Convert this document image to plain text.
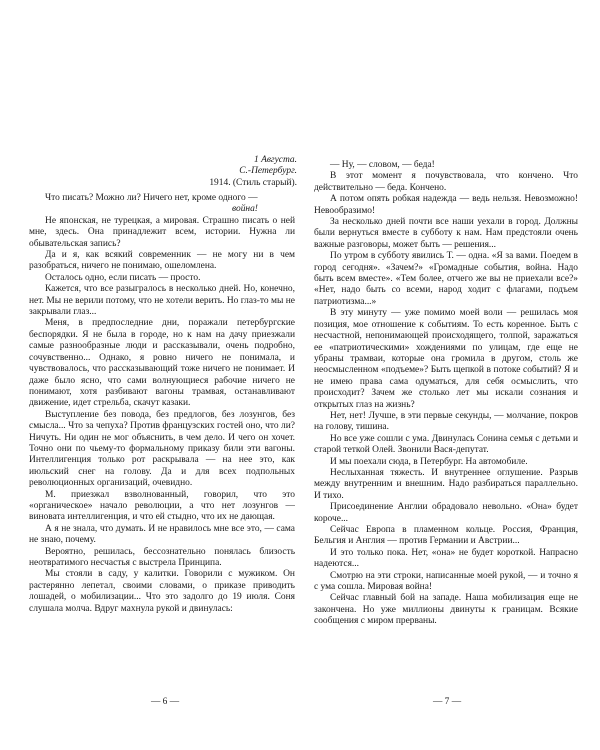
1 Августа.
С.-Петербург.
1914. (Стиль старый).

Что писать? Можно ли? Ничего нет, кроме одного —
война!

Не японская, не турецкая, а мировая. Страшно писать о ней мне, здесь. Она принадлежит всем, истории. Нужна ли обывательская запись?

Да и я, как всякий современник — не могу ни в чем разобраться, ничего не понимаю, ошеломлена.

Осталось одно, если писать — просто.

Кажется, что все разыгралось в несколько дней. Но, конечно, нет. Мы не верили потому, что не хотели верить. Но глаз-то мы не закрывали глаз...

Меня, в предпоследние дни, поражали петербургские беспорядки. Я не была в городе, но к нам на дачу приезжали самые разнообразные люди и рассказывали, очень подробно, сочувственно... Однако, я ровно ничего не понимала, и чувствовалось, что рассказывающий тоже ничего не понимает. И даже было ясно, что сами волнующиеся рабочие ничего не понимают, хотя разбивают вагоны трамвая, останавливают движение, идет стрельба, скачут казаки.

Выступление без повода, без предлогов, без лозунгов, без смысла... Что за чепуха? Против французских гостей оно, что ли? Ничуть. Ни один не мог объяснить, в чем дело. И чего он хочет. Точно они по чьему-то формальному приказу били эти вагоны. Интеллигенция только рот раскрывала — на нее это, как июльский снег на голову. Да и для всех подпольных революционных организаций, очевидно.

М. приезжал взволнованный, говорил, что это «органическое» начало революции, а что нет лозунгов — виновата интеллигенция, и что ей стыдно, что их не дающая.

А я не знала, что думать. И не нравилось мне все это, — сама не знаю, почему.

Вероятно, решилась, бессознательно понялась близость неотвратимого несчастья с выстрела Принципа.

Мы стояли в саду, у калитки. Говорили с мужиком. Он растерянно лепетал, своими словами, о приказе приводить лошадей, о мобилизации... Что это задолго до 19 июля. Соня слушала молча. Вдруг махнула рукой и двинулась:

— Ну, — словом, — беда!

В этот момент я почувствовала, что кончено. Что действительно — беда. Кончено.

А потом опять робкая надежда — ведь нельзя. Невозможно! Невообразимо!

За несколько дней почти все наши уехали в город. Должны были вернуться вместе в субботу к нам. Нам предстояли очень важные разговоры, может быть — решения...

По утром в субботу явились Т. — одна. «Я за вами. Поедем в город сегодня». «Зачем?» «Громадные события, война. Надо быть всем вместе». «Тем более, отчего же вы не приехали все?» «Нет, надо быть со всеми, народ ходит с флагами, подъем патриотизма...»

В эту минуту — уже помимо моей воли — решилась моя позиция, мое отношение к событиям. То есть коренное. Быть с несчастной, непонимающей происходящего, толпой, заражаться ее «патриотическими» хождениями по улицам, где еще не убраны трамваи, которые она громила в другом, столь же неосмысленном «подъеме»? Быть щепкой в потоке событий? Я и не имею права сама одуматься, для себя осмыслить, что происходит? Зачем же столько лет мы искали сознания и открытых глаз на жизнь?

Нет, нет! Лучше, в эти первые секунды, — молчание, покров на голову, тишина.

Но все уже сошли с ума. Двинулась Сонина семья с детьми и старой теткой Олей. Звонили Вася-депутат.

И мы поехали сюда, в Петербург. На автомобиле.

Неслыханная тяжесть. И внутреннее оглушение. Разрыв между внутренним и внешним. Надо разбираться параллельно. И тихо.

Присоединение Англии обрадовало невольно. «Она» будет короче...

Сейчас Европа в пламенном кольце. Россия, Франция, Бельгия и Англия — против Германии и Австрии...

И это только пока. Нет, «она» не будет короткой. Напрасно надеются...

Смотрю на эти строки, написанные моей рукой, — и точно я с ума сошла. Мировая война!

Сейчас главный бой на западе. Наша мобилизация еще не закончена. Но уже миллионы двинуты к границам. Всякие сообщения с миром прерваны.

— 6 —	— 7 —
